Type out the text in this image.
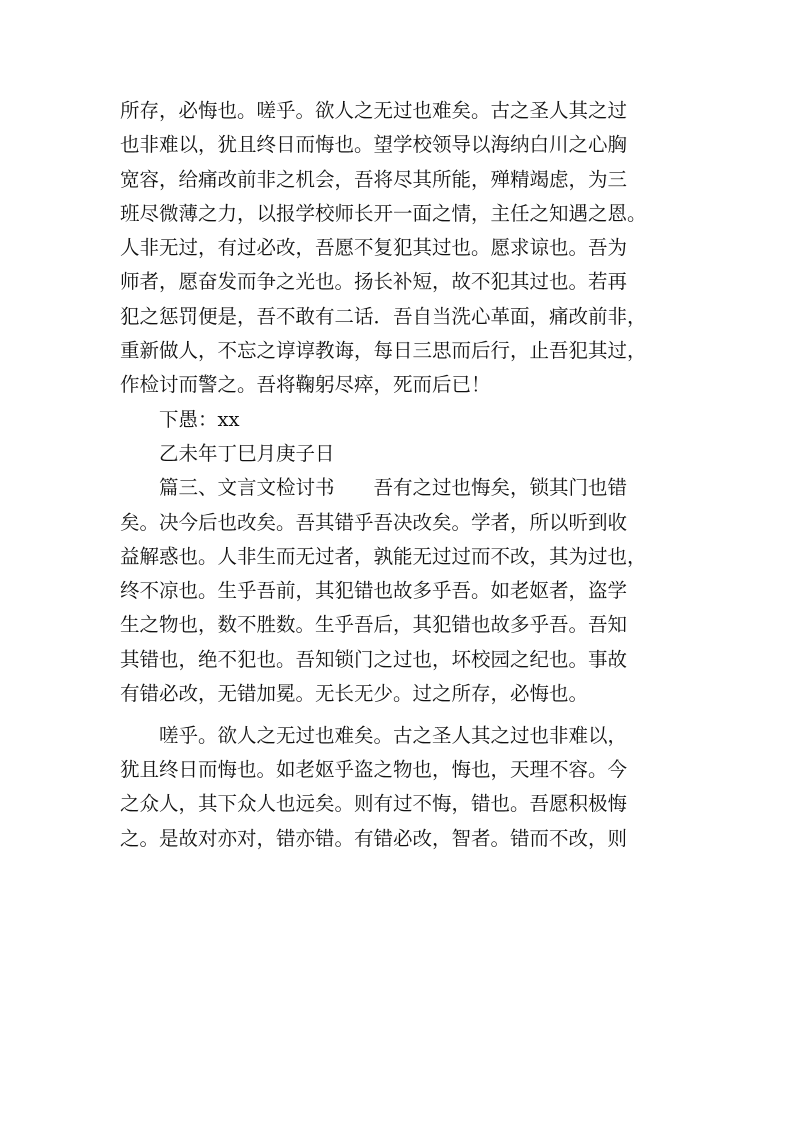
所存，必悔也。嗟乎。欲人之无过也难矣。古之圣人其之过
也非难以，犹且终日而悔也。望学校领导以海纳白川之心胸
宽容，给痛改前非之机会，吾将尽其所能，殚精竭虑，为三
班尽微薄之力，以报学校师长开一面之情，主任之知遇之恩。
人非无过，有过必改，吾愿不复犯其过也。愿求谅也。吾为
师者，愿奋发而争之光也。扬长补短，故不犯其过也。若再
犯之惩罚便是，吾不敢有二话．吾自当洗心革面，痛改前非，
重新做人，不忘之谆谆教诲，每日三思而后行，止吾犯其过，
作检讨而警之。吾将鞠躬尽瘁，死而后已！
下愚：xx
乙未年丁巳月庚子日
篇三、文言文检讨书　　吾有之过也悔矣，锁其门也错
矣。决今后也改矣。吾其错乎吾决改矣。学者，所以听到收
益解惑也。人非生而无过者，孰能无过过而不改，其为过也，
终不凉也。生乎吾前，其犯错也故多乎吾。如老妪者，盗学
生之物也，数不胜数。生乎吾后，其犯错也故多乎吾。吾知
其错也，绝不犯也。吾知锁门之过也，坏校园之纪也。事故
有错必改，无错加冕。无长无少。过之所存，必悔也。
嗟乎。欲人之无过也难矣。古之圣人其之过也非难以，
犹且终日而悔也。如老妪乎盗之物也，悔也，天理不容。今
之众人，其下众人也远矣。则有过不悔，错也。吾愿积极悔
之。是故对亦对，错亦错。有错必改，智者。错而不改，则
